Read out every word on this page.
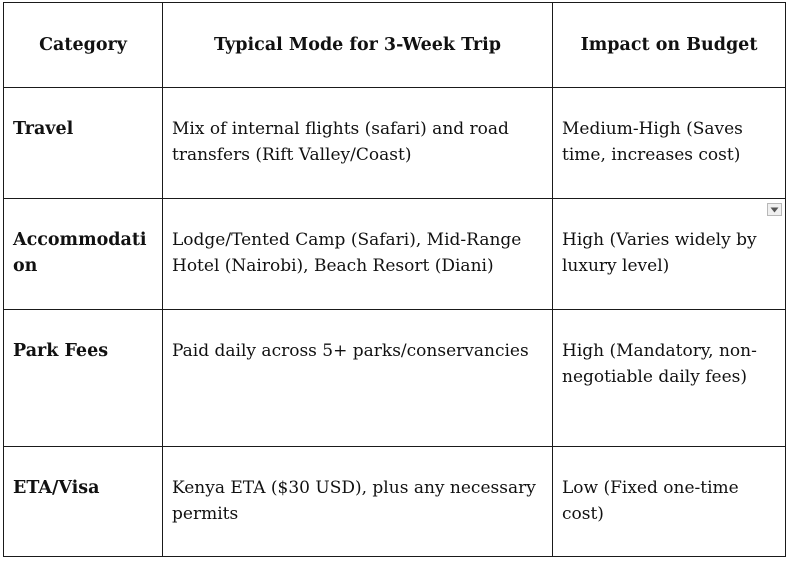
Category	Typical Mode for 3-Week Trip	Impact on Budget

Travel	Mix of internal flights (safari) and road transfers (Rift Valley/Coast)	Medium-High (Saves time, increases cost)

Accommodation	Lodge/Tented Camp (Safari), Mid-Range Hotel (Nairobi), Beach Resort (Diani)	High (Varies widely by luxury level)

Park Fees	Paid daily across 5+ parks/conservancies	High (Mandatory, non-negotiable daily fees)

ETA/Visa	Kenya ETA ($30 USD), plus any necessary permits	Low (Fixed one-time cost)
